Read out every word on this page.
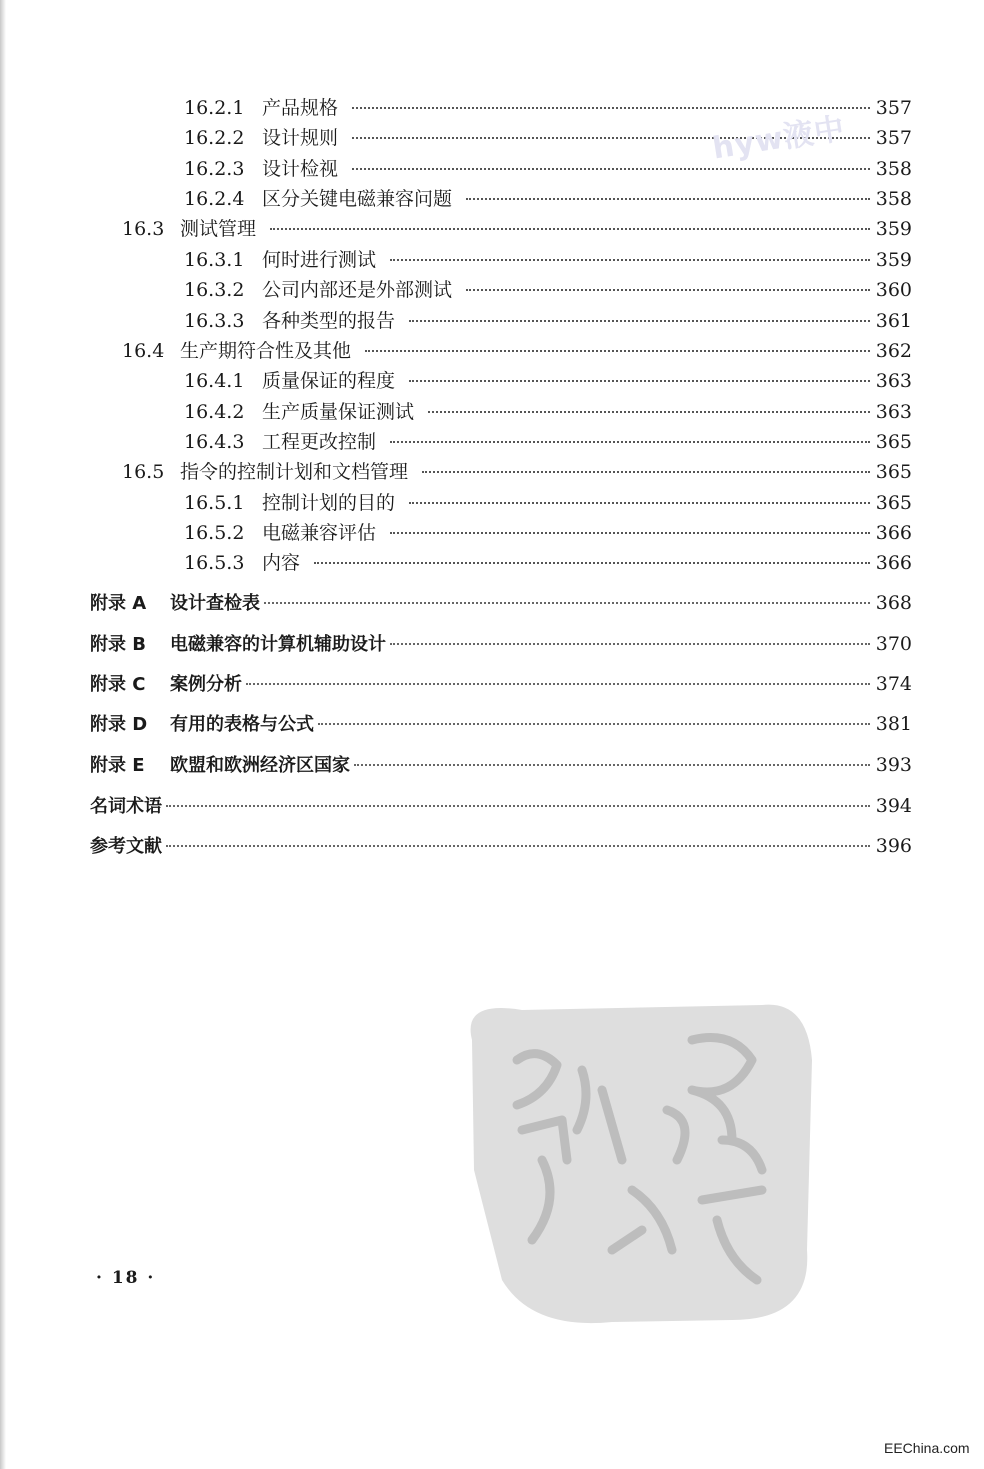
16.2.1 产品规格	357
16.2.2 设计规则	357
16.2.3 设计检视	358
16.2.4 区分关键电磁兼容问题	358
16.3 测试管理	359
16.3.1 何时进行测试	359
16.3.2 公司内部还是外部测试	360
16.3.3 各种类型的报告	361
16.4 生产期符合性及其他	362
16.4.1 质量保证的程度	363
16.4.2 生产质量保证测试	363
16.4.3 工程更改控制	365
16.5 指令的控制计划和文档管理	365
16.5.1 控制计划的目的	365
16.5.2 电磁兼容评估	366
16.5.3 内容	366
附录 A	设计查检表	368
附录 B	电磁兼容的计算机辅助设计	370
附录 C	案例分析	374
附录 D	有用的表格与公式	381
附录 E	欧盟和欧洲经济区国家	393
名词术语	394
参考文献	396
hyw液中
· 18 ·
EEChina.com
